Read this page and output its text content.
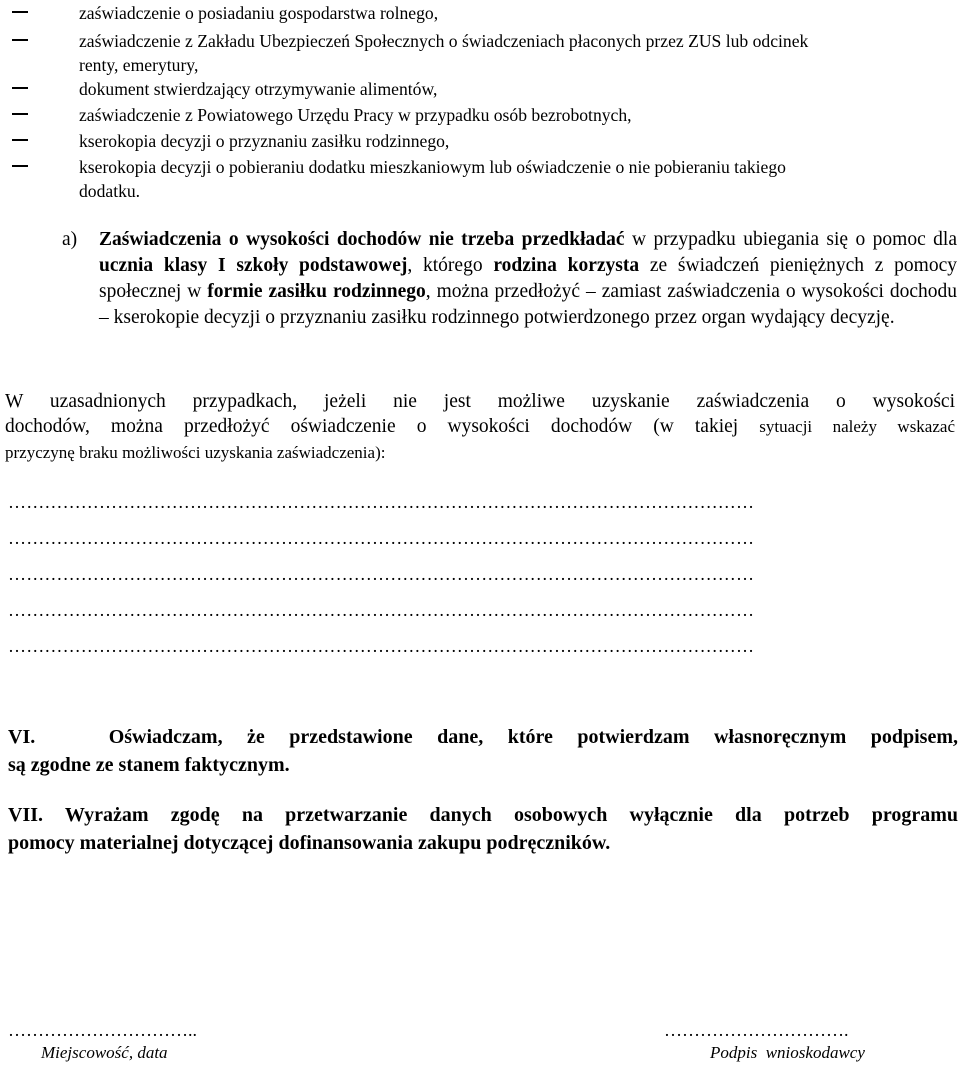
zaświadczenie o posiadaniu gospodarstwa rolnego,
zaświadczenie z Zakładu Ubezpieczeń Społecznych o świadczeniach płaconych przez ZUS lub odcinek
renty, emerytury,
dokument stwierdzający otrzymywanie alimentów,
zaświadczenie z Powiatowego Urzędu Pracy w przypadku osób bezrobotnych,
kserokopia decyzji o przyznaniu zasiłku rodzinnego,
kserokopia decyzji o pobieraniu dodatku mieszkaniowym lub oświadczenie o nie pobieraniu takiego
dodatku.
a) Zaświadczenia o wysokości dochodów nie trzeba przedkładać w przypadku ubiegania się o pomoc dla ucznia klasy I szkoły podstawowej, którego rodzina korzysta ze świadczeń pieniężnych z pomocy społecznej w formie zasiłku rodzinnego, można przedłożyć – zamiast zaświadczenia o wysokości dochodu – kserokopie decyzji o przyznaniu zasiłku rodzinnego potwierdzonego przez organ wydający decyzję.
W uzasadnionych przypadkach, jeżeli nie jest możliwe uzyskanie zaświadczenia o wysokości
dochodów, można przedłożyć oświadczenie o wysokości dochodów (w takiej sytuacji należy wskazać
przyczynę braku możliwości uzyskania zaświadczenia):
……………………………………………………………………………………………………………
……………………………………………………………………………………………………………
……………………………………………………………………………………………………………
……………………………………………………………………………………………………………
……………………………………………………………………………………………………………
VI.   Oświadczam, że przedstawione dane, które potwierdzam własnoręcznym podpisem,
są zgodne ze stanem faktycznym.
VII. Wyrażam zgodę na przetwarzanie danych osobowych wyłącznie dla potrzeb programu
pomocy materialnej dotyczącej dofinansowania zakupu podręczników.
…………………………..
Miejscowość, data
………………………….
Podpis  wnioskodawcy
